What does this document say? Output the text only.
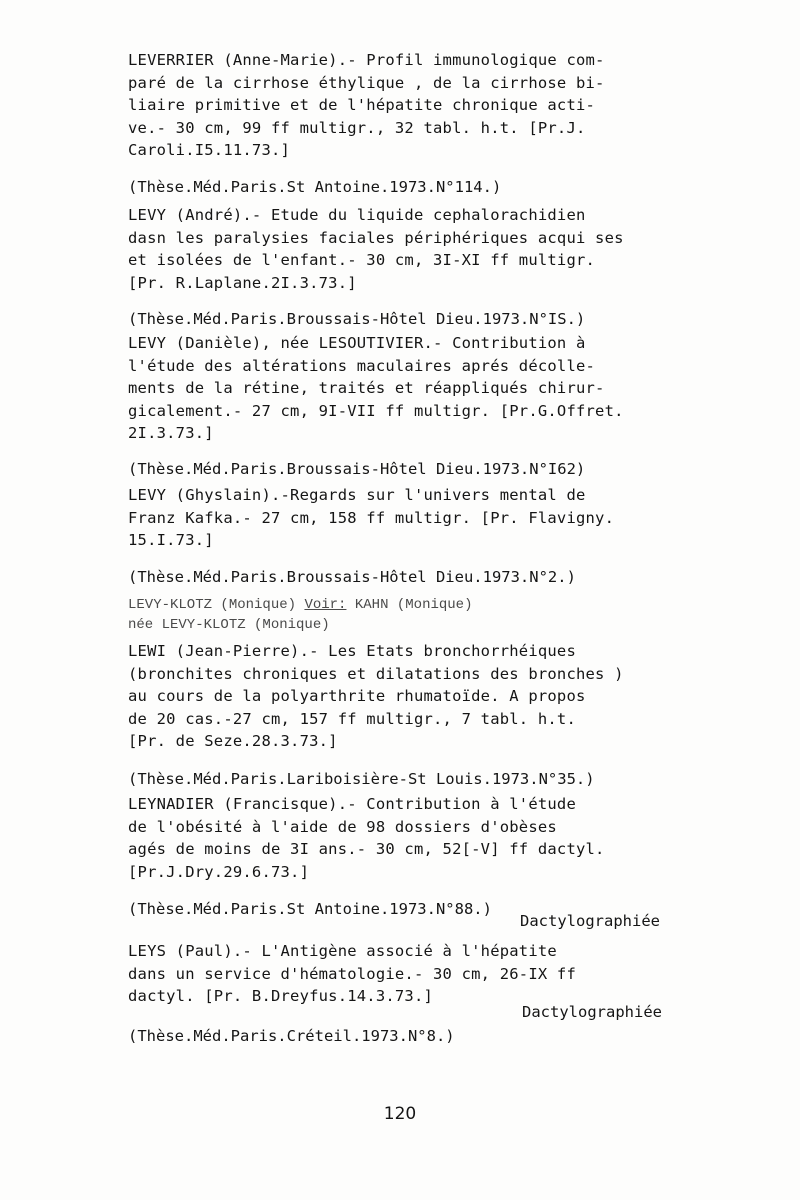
LEVERRIER (Anne-Marie).- Profil immunologique com-
paré de la cirrhose éthylique , de la cirrhose bi-
liaire primitive et de l'hépatite chronique acti-
ve.- 30 cm, 99 ff multigr., 32 tabl. h.t. [Pr.J.
Caroli.I5.11.73.]
(Thèse.Méd.Paris.St Antoine.1973.N°114.)
LEVY (André).- Etude du liquide cephalorachidien
dasn les paralysies faciales périphériques acqui ses
et isolées de l'enfant.- 30 cm, 3I-XI ff multigr.
[Pr. R.Laplane.2I.3.73.]
(Thèse.Méd.Paris.Broussais-Hôtel Dieu.1973.N°IS.)
LEVY (Danièle), née LESOUTIVIER.- Contribution à
l'étude des altérations maculaires aprés décolle-
ments de la rétine, traités et réappliqués chirur-
gicalement.- 27 cm, 9I-VII ff multigr. [Pr.G.Offret.
2I.3.73.]
(Thèse.Méd.Paris.Broussais-Hôtel Dieu.1973.N°I62)
LEVY (Ghyslain).-Regards sur l'univers mental de
Franz Kafka.- 27 cm, 158 ff multigr. [Pr. Flavigny.
15.I.73.]
(Thèse.Méd.Paris.Broussais-Hôtel Dieu.1973.N°2.)
LEVY-KLOTZ (Monique) Voir: KAHN (Monique)
née LEVY-KLOTZ (Monique)
LEWI (Jean-Pierre).- Les Etats bronchorrhéiques
(bronchites chroniques et dilatations des bronches )
au cours de la polyarthrite rhumatoïde. A propos
de 20 cas.-27 cm, 157 ff multigr., 7 tabl. h.t.
[Pr. de Seze.28.3.73.]
(Thèse.Méd.Paris.Lariboisière-St Louis.1973.N°35.)
LEYNADIER (Francisque).- Contribution à l'étude
de l'obésité à l'aide de 98 dossiers d'obèses
agés de moins de 3I ans.- 30 cm, 52[-V] ff dactyl.
[Pr.J.Dry.29.6.73.]
(Thèse.Méd.Paris.St Antoine.1973.N°88.)
Dactylographiée
LEYS (Paul).- L'Antigène associé à l'hépatite
dans un service d'hématologie.- 30 cm, 26-IX ff
dactyl. [Pr. B.Dreyfus.14.3.73.]
Dactylographiée
(Thèse.Méd.Paris.Créteil.1973.N°8.)
120
